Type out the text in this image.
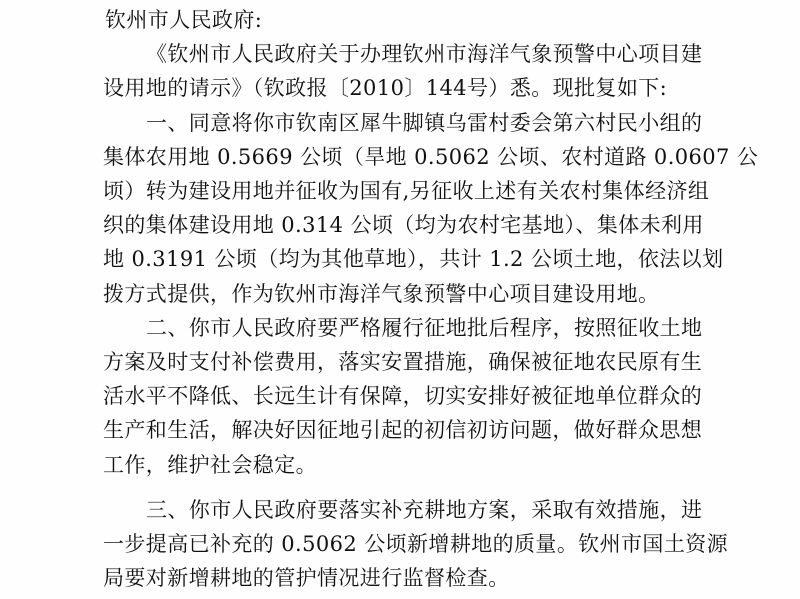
钦州市人民政府:
《钦州市人民政府关于办理钦州市海洋气象预警中心项目建
设用地的请示》（钦政报〔2010〕144号）悉。现批复如下:
一、同意将你市钦南区犀牛脚镇乌雷村委会第六村民小组的
集体农用地 0.5669 公顷（旱地 0.5062 公顷、农村道路 0.0607 公
顷）转为建设用地并征收为国有,另征收上述有关农村集体经济组
织的集体建设用地 0.314 公顷（均为农村宅基地）、集体未利用
地 0.3191 公顷（均为其他草地），共计 1.2 公顷土地，依法以划
拨方式提供，作为钦州市海洋气象预警中心项目建设用地。
二、你市人民政府要严格履行征地批后程序，按照征收土地
方案及时支付补偿费用，落实安置措施，确保被征地农民原有生
活水平不降低、长远生计有保障，切实安排好被征地单位群众的
生产和生活，解决好因征地引起的初信初访问题，做好群众思想
工作，维护社会稳定。
三、你市人民政府要落实补充耕地方案，采取有效措施，进
一步提高已补充的 0.5062 公顷新增耕地的质量。钦州市国土资源
局要对新增耕地的管护情况进行监督检查。
